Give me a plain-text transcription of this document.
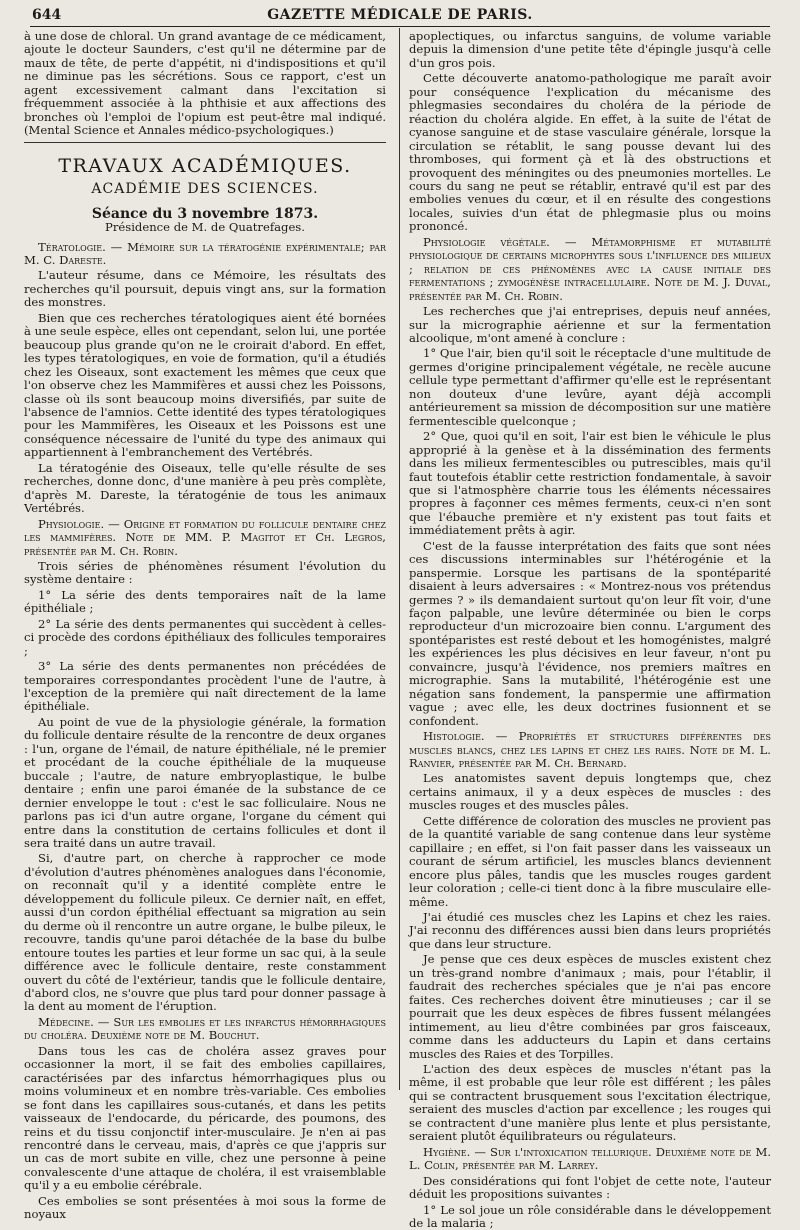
644	GAZETTE MÉDICALE DE PARIS.

à une dose de chloral. Un grand avantage de ce médicament, ajoute le docteur Saunders, c'est qu'il ne détermine par de maux de tête, de perte d'appétit, ni d'indispositions et qu'il ne diminue pas les sécrétions. Sous ce rapport, c'est un agent excessivement calmant dans l'excitation si fréquemment associée à la phthisie et aux affections des bronches où l'emploi de l'opium est peut-être mal indiqué. (Mental Science et Annales médico-psychologiques.)

TRAVAUX ACADÉMIQUES.
ACADÉMIE DES SCIENCES.
Séance du 3 novembre 1873.
Présidence de M. de Quatrefages.

Tératologie. — Mémoire sur la tératogénie expérimentale; par M. C. Dareste.

L'auteur résume, dans ce Mémoire, les résultats des recherches qu'il poursuit, depuis vingt ans, sur la formation des monstres.

Bien que ces recherches tératologiques aient été bornées à une seule espèce, elles ont cependant, selon lui, une portée beaucoup plus grande qu'on ne le croirait d'abord. En effet, les types tératologiques, en voie de formation, qu'il a étudiés chez les Oiseaux, sont exactement les mêmes que ceux que l'on observe chez les Mammifères et aussi chez les Poissons, classe où ils sont beaucoup moins diversifiés, par suite de l'absence de l'amnios. Cette identité des types tératologiques pour les Mammifères, les Oiseaux et les Poissons est une conséquence nécessaire de l'unité du type des animaux qui appartiennent à l'embranchement des Vertébrés.

La tératogénie des Oiseaux, telle qu'elle résulte de ses recherches, donne donc, d'une manière à peu près complète, d'après M. Dareste, la tératogénie de tous les animaux Vertébrés.

Physiologie. — Origine et formation du follicule dentaire chez les mammifères. Note de MM. P. Magitot et Ch. Legros, présentée par M. Ch. Robin.

Trois séries de phénomènes résument l'évolution du système dentaire :

1° La série des dents temporaires naît de la lame épithéliale ;

2° La série des dents permanentes qui succèdent à celles-ci procède des cordons épithéliaux des follicules temporaires ;

3° La série des dents permanentes non précédées de temporaires correspondantes procèdent l'une de l'autre, à l'exception de la première qui naît directement de la lame épithéliale.

Au point de vue de la physiologie générale, la formation du follicule dentaire résulte de la rencontre de deux organes : l'un, organe de l'émail, de nature épithéliale, né le premier et procédant de la couche épithéliale de la muqueuse buccale ; l'autre, de nature embryoplastique, le bulbe dentaire ; enfin une paroi émanée de la substance de ce dernier enveloppe le tout : c'est le sac folliculaire. Nous ne parlons pas ici d'un autre organe, l'organe du cément qui entre dans la constitution de certains follicules et dont il sera traité dans un autre travail.

Si, d'autre part, on cherche à rapprocher ce mode d'évolution d'autres phénomènes analogues dans l'économie, on reconnaît qu'il y a identité complète entre le développement du follicule pileux. Ce dernier naît, en effet, aussi d'un cordon épithélial effectuant sa migration au sein du derme où il rencontre un autre organe, le bulbe pileux, le recouvre, tandis qu'une paroi détachée de la base du bulbe entoure toutes les parties et leur forme un sac qui, à la seule différence avec le follicule dentaire, reste constamment ouvert du côté de l'extérieur, tandis que le follicule dentaire, d'abord clos, ne s'ouvre que plus tard pour donner passage à la dent au moment de l'éruption.

Médecine. — Sur les embolies et les infarctus hémorrhagiques du choléra. Deuxième note de M. Bouchut.

Dans tous les cas de choléra assez graves pour occasionner la mort, il se fait des embolies capillaires, caractérisées par des infarctus hémorrhagiques plus ou moins volumineux et en nombre très-variable. Ces embolies se font dans les capillaires sous-cutanés, et dans les petits vaisseaux de l'endocarde, du péricarde, des poumons, des reins et du tissu conjonctif inter-musculaire. Je n'en ai pas rencontré dans le cerveau, mais, d'après ce que j'appris sur un cas de mort subite en ville, chez une personne à peine convalescente d'une attaque de choléra, il est vraisemblable qu'il y a eu embolie cérébrale.

Ces embolies se sont présentées à moi sous la forme de noyaux

apoplectiques, ou infarctus sanguins, de volume variable depuis la dimension d'une petite tête d'épingle jusqu'à celle d'un gros pois.

Cette découverte anatomo-pathologique me paraît avoir pour conséquence l'explication du mécanisme des phlegmasies secondaires du choléra de la période de réaction du choléra algide. En effet, à la suite de l'état de cyanose sanguine et de stase vasculaire générale, lorsque la circulation se rétablit, le sang pousse devant lui des thromboses, qui forment çà et là des obstructions et provoquent des méningites ou des pneumonies mortelles. Le cours du sang ne peut se rétablir, entravé qu'il est par des embolies venues du cœur, et il en résulte des congestions locales, suivies d'un état de phlegmasie plus ou moins prononcé.

Physiologie végétale. — Métamorphisme et mutabilité physiologique de certains microphytes sous l'influence des milieux ; relation de ces phénomènes avec la cause initiale des fermentations ; zymogénèse intracellulaire. Note de M. J. Duval, présentée par M. Ch. Robin.

Les recherches que j'ai entreprises, depuis neuf années, sur la micrographie aérienne et sur la fermentation alcoolique, m'ont amené à conclure :

1° Que l'air, bien qu'il soit le réceptacle d'une multitude de germes d'origine principalement végétale, ne recèle aucune cellule type permettant d'affirmer qu'elle est le représentant non douteux d'une levûre, ayant déjà accompli antérieurement sa mission de décomposition sur une matière fermentescible quelconque ;

2° Que, quoi qu'il en soit, l'air est bien le véhicule le plus approprié à la genèse et à la dissémination des ferments dans les milieux fermentescibles ou putrescibles, mais qu'il faut toutefois établir cette restriction fondamentale, à savoir que si l'atmosphère charrie tous les éléments nécessaires propres à façonner ces mêmes ferments, ceux-ci n'en sont que l'ébauche première et n'y existent pas tout faits et immédiatement prêts à agir.

C'est de la fausse interprétation des faits que sont nées ces discussions interminables sur l'hétérogénie et la panspermie. Lorsque les partisans de la spontéparité disaient à leurs adversaires : « Montrez-nous vos prétendus germes ? » ils demandaient surtout qu'on leur fît voir, d'une façon palpable, une levûre déterminée ou bien le corps reproducteur d'un microzoaire bien connu. L'argument des spontéparistes est resté debout et les homogénistes, malgré les expériences les plus décisives en leur faveur, n'ont pu convaincre, jusqu'à l'évidence, nos premiers maîtres en micrographie. Sans la mutabilité, l'hétérogénie est une négation sans fondement, la panspermie une affirmation vague ; avec elle, les deux doctrines fusionnent et se confondent.

Histologie. — Propriétés et structures différentes des muscles blancs, chez les lapins et chez les raies. Note de M. L. Ranvier, présentée par M. Ch. Bernard.

Les anatomistes savent depuis longtemps que, chez certains animaux, il y a deux espèces de muscles : des muscles rouges et des muscles pâles.

Cette différence de coloration des muscles ne provient pas de la quantité variable de sang contenue dans leur système capillaire ; en effet, si l'on fait passer dans les vaisseaux un courant de sérum artificiel, les muscles blancs deviennent encore plus pâles, tandis que les muscles rouges gardent leur coloration ; celle-ci tient donc à la fibre musculaire elle-même.

J'ai étudié ces muscles chez les Lapins et chez les raies. J'ai reconnu des différences aussi bien dans leurs propriétés que dans leur structure.

Je pense que ces deux espèces de muscles existent chez un très-grand nombre d'animaux ; mais, pour l'établir, il faudrait des recherches spéciales que je n'ai pas encore faites. Ces recherches doivent être minutieuses ; car il se pourrait que les deux espèces de fibres fussent mélangées intimement, au lieu d'être combinées par gros faisceaux, comme dans les adducteurs du Lapin et dans certains muscles des Raies et des Torpilles.

L'action des deux espèces de muscles n'étant pas la même, il est probable que leur rôle est différent ; les pâles qui se contractent brusquement sous l'excitation électrique, seraient des muscles d'action par excellence ; les rouges qui se contractent d'une manière plus lente et plus persistante, seraient plutôt équilibrateurs ou régulateurs.

Hygiène. — Sur l'intoxication tellurique. Deuxième note de M. L. Colin, présentée par M. Larrey.

Des considérations qui font l'objet de cette note, l'auteur déduit les propositions suivantes :

1° Le sol joue un rôle considérable dans le développement de la malaria ;
